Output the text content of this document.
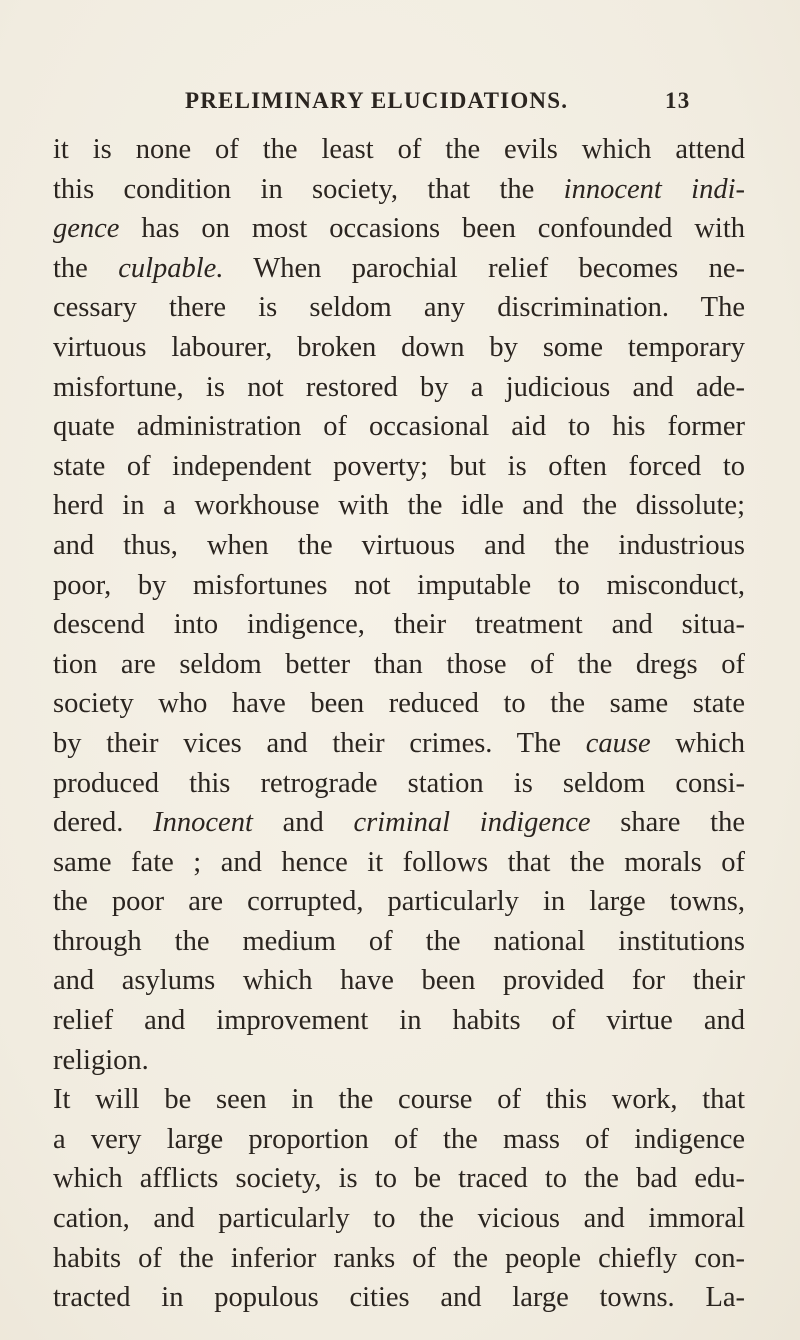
PRELIMINARY ELUCIDATIONS.	13
it is none of the least of the evils which attend
this condition in society, that the innocent indi-
gence has on most occasions been confounded with
the culpable. When parochial relief becomes ne-
cessary there is seldom any discrimination. The
virtuous labourer, broken down by some temporary
misfortune, is not restored by a judicious and ade-
quate administration of occasional aid to his former
state of independent poverty; but is often forced to
herd in a workhouse with the idle and the dissolute;
and thus, when the virtuous and the industrious
poor, by misfortunes not imputable to misconduct,
descend into indigence, their treatment and situa-
tion are seldom better than those of the dregs of
society who have been reduced to the same state
by their vices and their crimes. The cause which
produced this retrograde station is seldom consi-
dered. Innocent and criminal indigence share the
same fate ; and hence it follows that the morals of
the poor are corrupted, particularly in large towns,
through the medium of the national institutions
and asylums which have been provided for their
relief and improvement in habits of virtue and
religion.
It will be seen in the course of this work, that
a very large proportion of the mass of indigence
which afflicts society, is to be traced to the bad edu-
cation, and particularly to the vicious and immoral
habits of the inferior ranks of the people chiefly con-
tracted in populous cities and large towns. La-
